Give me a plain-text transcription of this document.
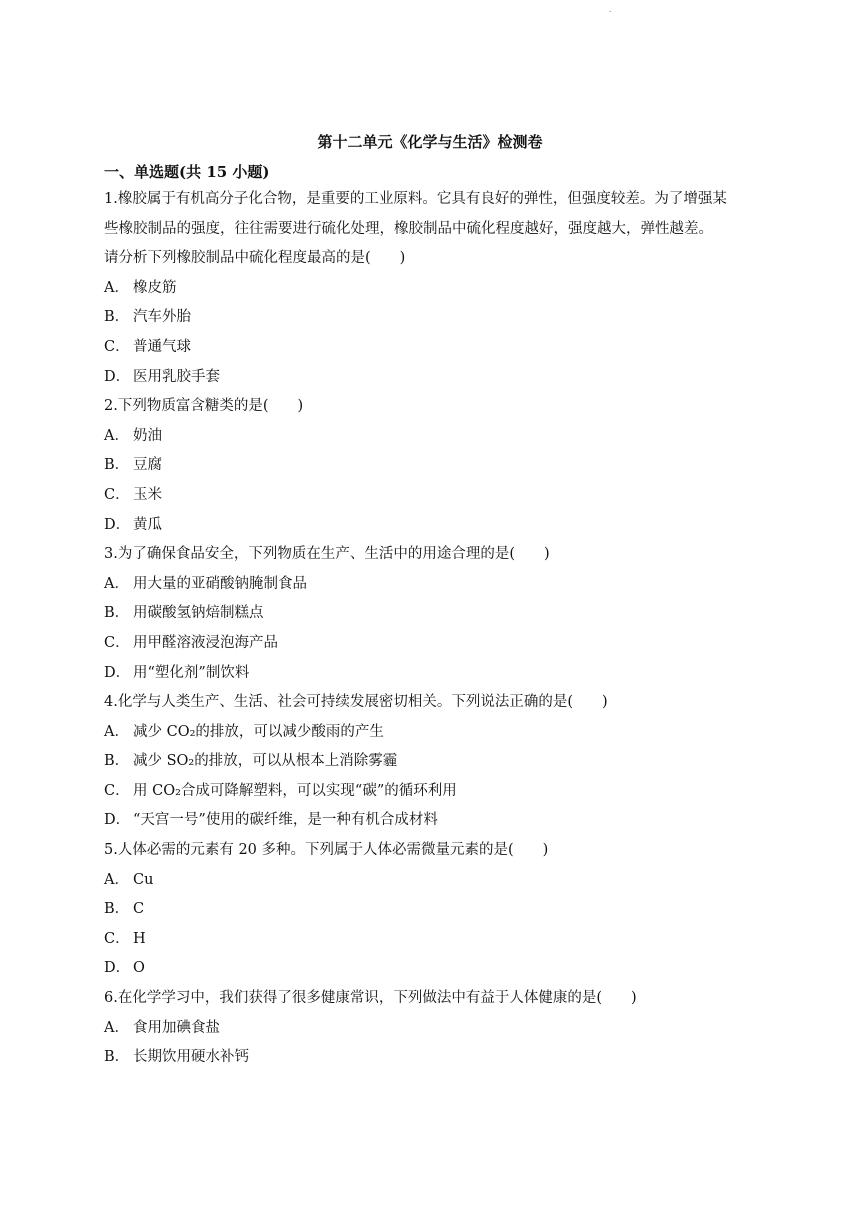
.
第十二单元《化学与生活》检测卷
一、单选题(共 15 小题)

1.橡胶属于有机高分子化合物，是重要的工业原料。它具有良好的弹性，但强度较差。为了增强某

些橡胶制品的强度，往往需要进行硫化处理，橡胶制品中硫化程度越好，强度越大，弹性越差。

请分析下列橡胶制品中硫化程度最高的是(　　)

A． 橡皮筋
B． 汽车外胎
C． 普通气球
D． 医用乳胶手套

2.下列物质富含糖类的是(　　)

A． 奶油
B． 豆腐
C． 玉米
D． 黄瓜

3.为了确保食品安全，下列物质在生产、生活中的用途合理的是(　　)

A． 用大量的亚硝酸钠腌制食品
B． 用碳酸氢钠焙制糕点
C． 用甲醛溶液浸泡海产品
D． 用“塑化剂”制饮料

4.化学与人类生产、生活、社会可持续发展密切相关。下列说法正确的是(　　)

A． 减少 CO₂的排放，可以减少酸雨的产生
B． 减少 SO₂的排放，可以从根本上消除雾霾
C． 用 CO₂合成可降解塑料，可以实现“碳”的循环利用
D． “天宫一号”使用的碳纤维，是一种有机合成材料

5.人体必需的元素有 20 多种。下列属于人体必需微量元素的是(　　)

A． Cu
B． C
C． H
D． O

6.在化学学习中，我们获得了很多健康常识，下列做法中有益于人体健康的是(　　)

A． 食用加碘食盐
B． 长期饮用硬水补钙
